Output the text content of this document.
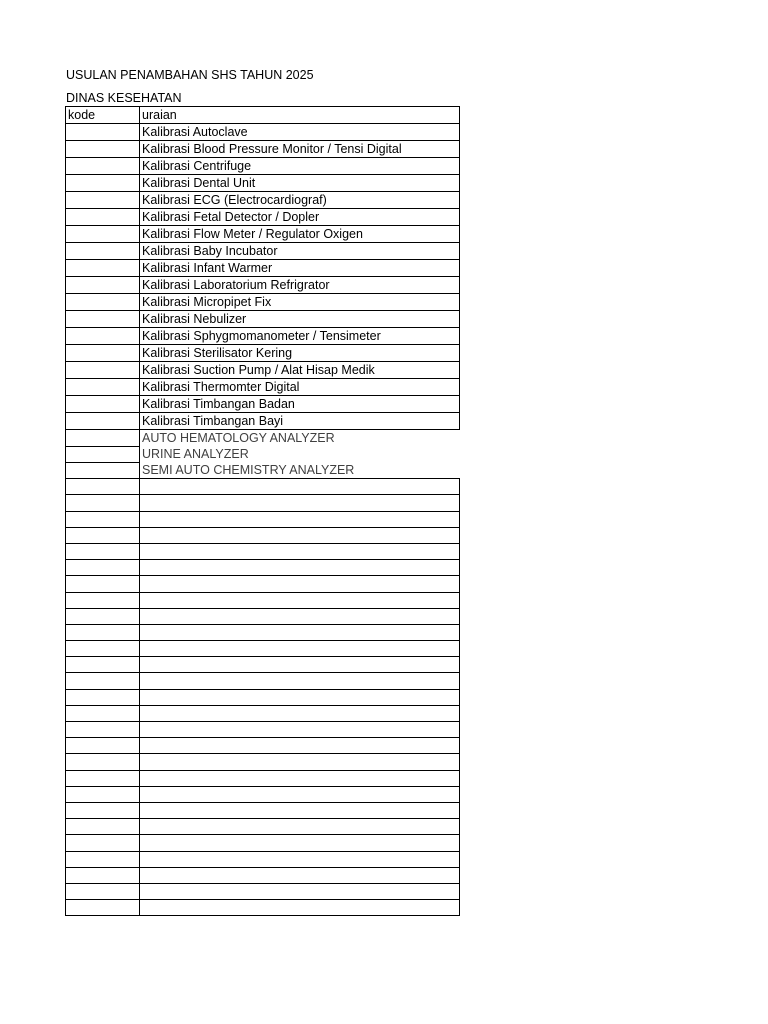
USULAN PENAMBAHAN SHS TAHUN 2025
DINAS KESEHATAN
kode	uraian
	Kalibrasi Autoclave
	Kalibrasi Blood Pressure Monitor / Tensi Digital
	Kalibrasi Centrifuge
	Kalibrasi Dental Unit
	Kalibrasi ECG (Electrocardiograf)
	Kalibrasi Fetal Detector / Dopler
	Kalibrasi Flow Meter / Regulator Oxigen
	Kalibrasi Baby Incubator
	Kalibrasi Infant Warmer
	Kalibrasi Laboratorium Refrigrator
	Kalibrasi Micropipet Fix
	Kalibrasi Nebulizer
	Kalibrasi Sphygmomanometer / Tensimeter
	Kalibrasi Sterilisator Kering
	Kalibrasi Suction Pump / Alat Hisap Medik
	Kalibrasi Thermomter Digital
	Kalibrasi Timbangan Badan
	Kalibrasi Timbangan Bayi
	AUTO HEMATOLOGY ANALYZER
	URINE ANALYZER
	SEMI AUTO CHEMISTRY ANALYZER
